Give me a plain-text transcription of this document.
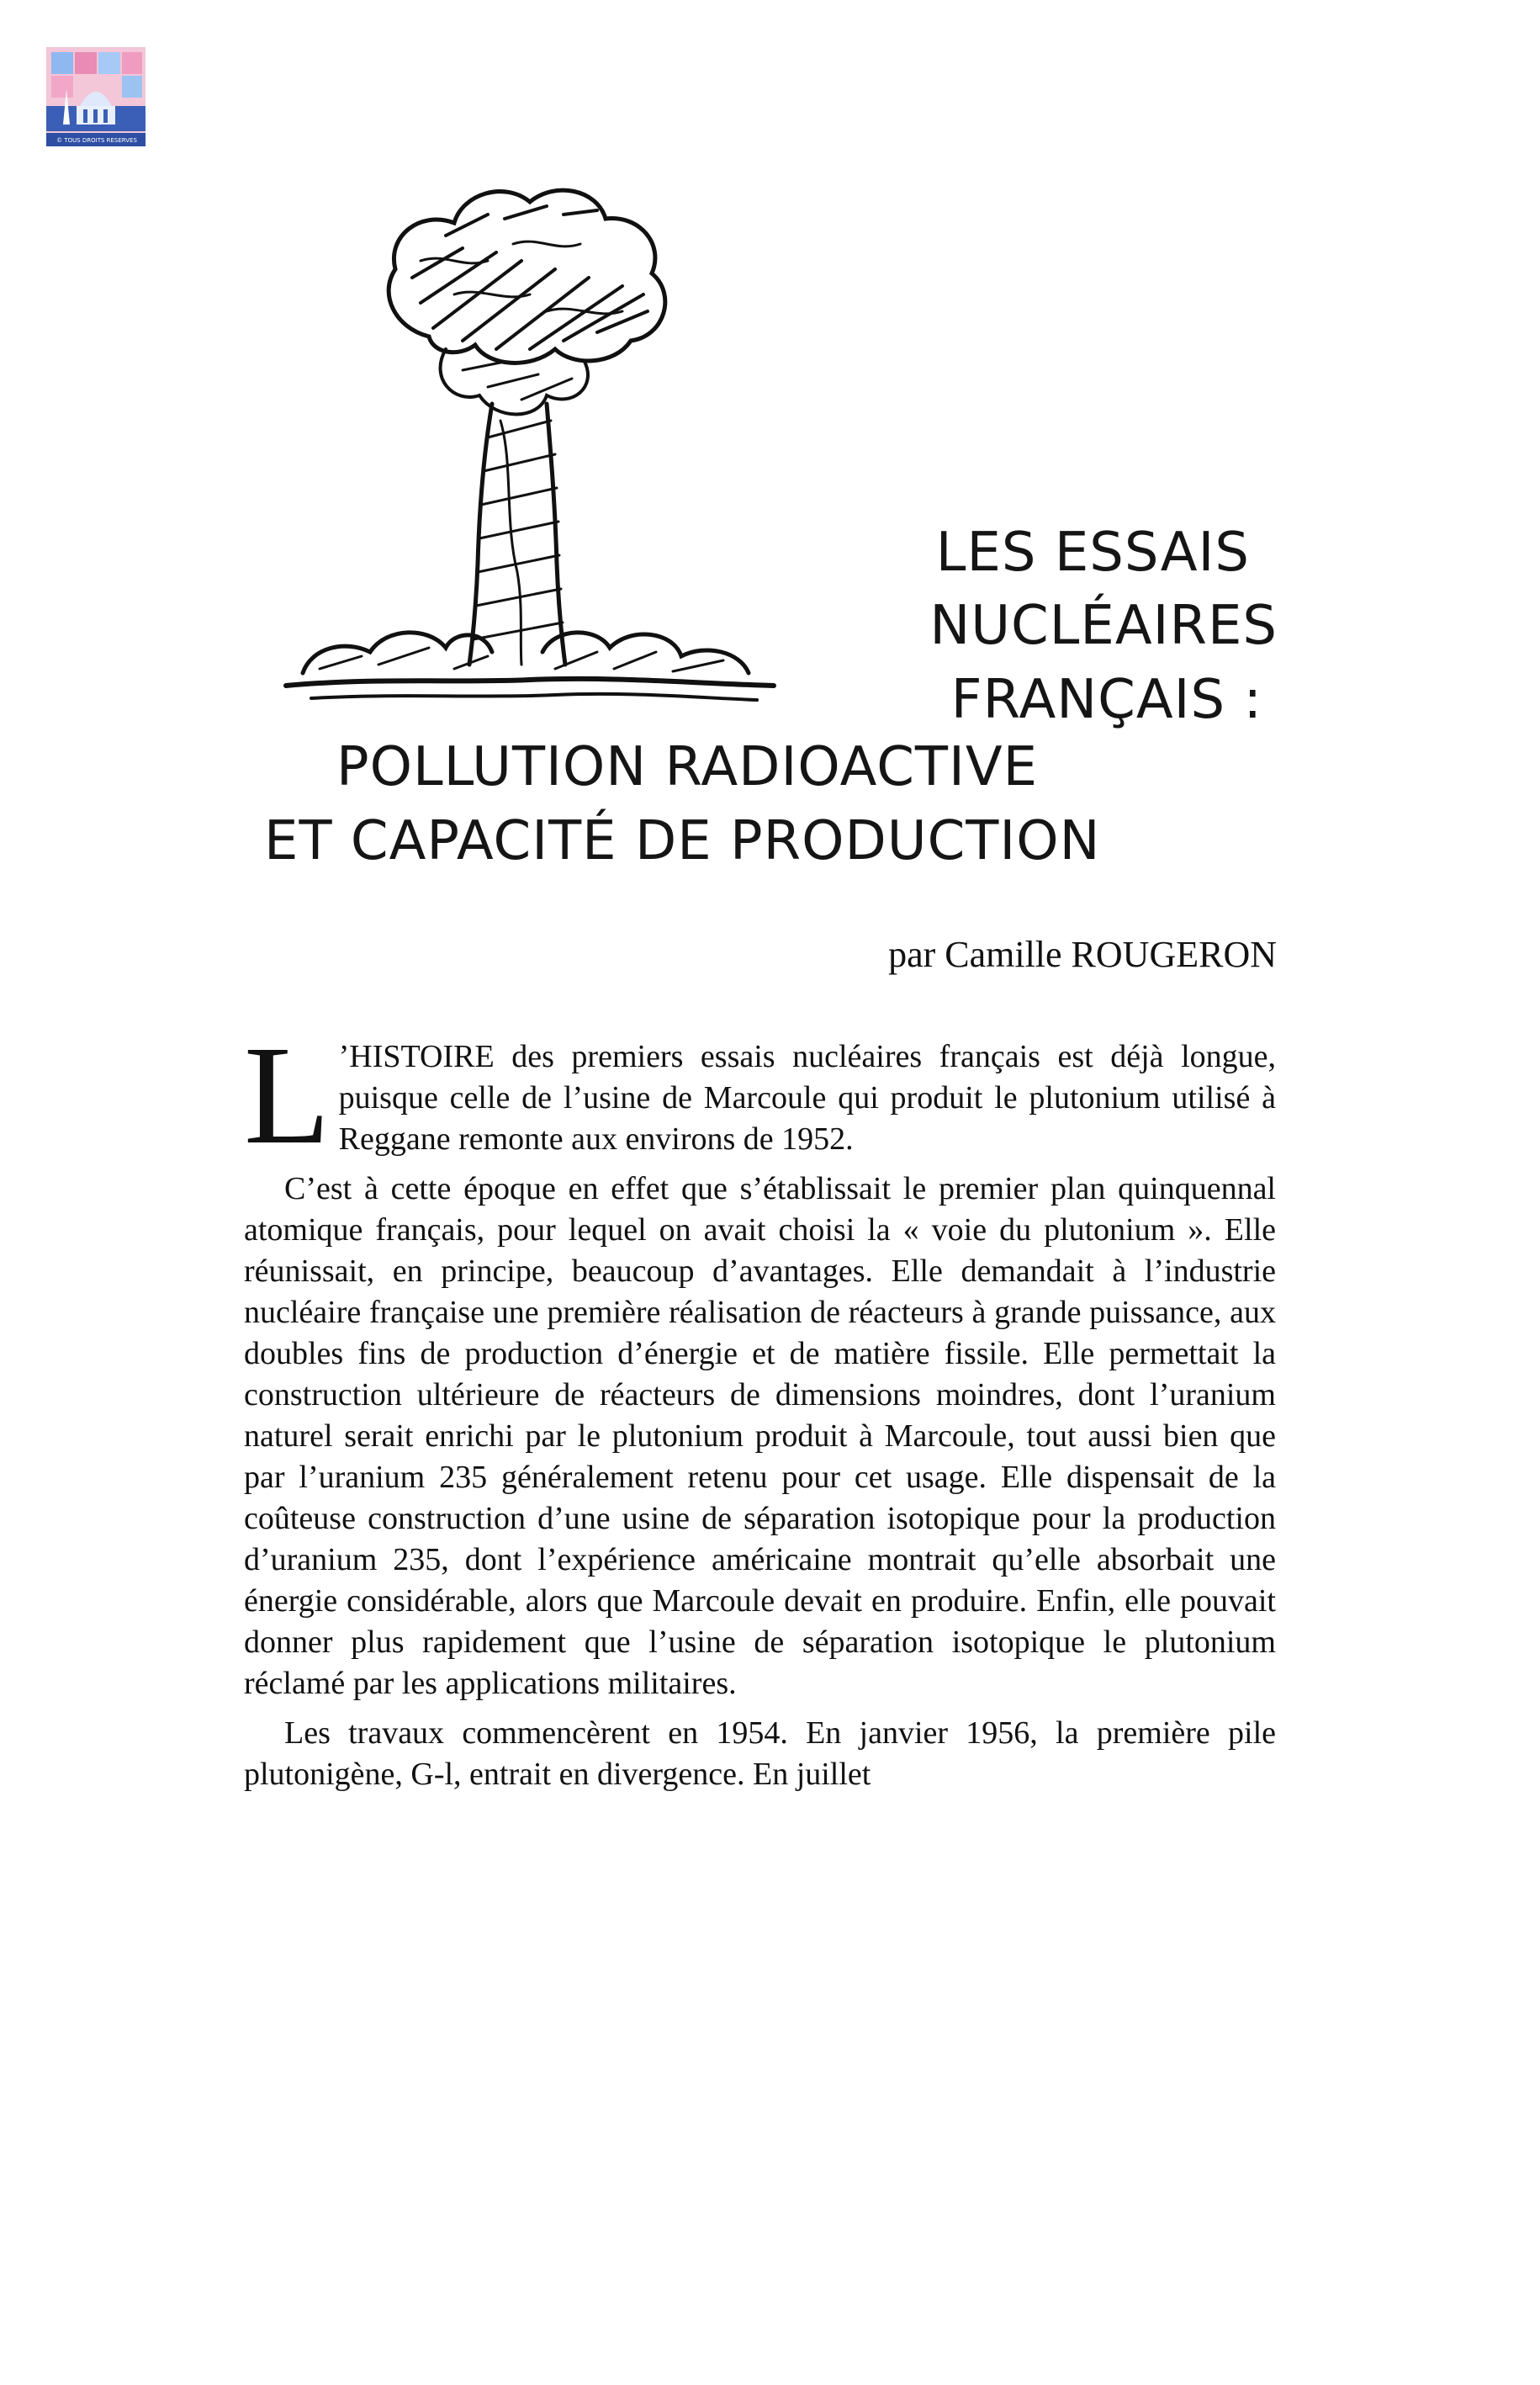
© TOUS DROITS RÉSERVÉS
LES ESSAIS
NUCLÉAIRES
FRANÇAIS :
POLLUTION RADIOACTIVE
ET CAPACITÉ DE PRODUCTION
par Camille ROUGERON

L ’HISTOIRE des premiers essais nucléaires français est déjà longue, puisque celle de l’usine de Marcoule qui produit le plutonium utilisé à Reggane remonte aux environs de 1952.

C’est à cette époque en effet que s’établissait le premier plan quinquennal atomique français, pour lequel on avait choisi la « voie du plutonium ». Elle réunissait, en principe, beaucoup d’avantages. Elle demandait à l’industrie nucléaire française une première réalisation de réacteurs à grande puissance, aux doubles fins de production d’énergie et de matière fissile. Elle permettait la construction ultérieure de réacteurs de dimensions moindres, dont l’uranium naturel serait enrichi par le plutonium produit à Marcoule, tout aussi bien que par l’uranium 235 généralement retenu pour cet usage. Elle dispensait de la coûteuse construction d’une usine de séparation isotopique pour la production d’uranium 235, dont l’expérience américaine montrait qu’elle absorbait une énergie considérable, alors que Marcoule devait en produire. Enfin, elle pouvait donner plus rapidement que l’usine de séparation isotopique le plutonium réclamé par les applications militaires.

Les travaux commencèrent en 1954. En janvier 1956, la première pile plutonigène, G-l, entrait en divergence. En juillet
